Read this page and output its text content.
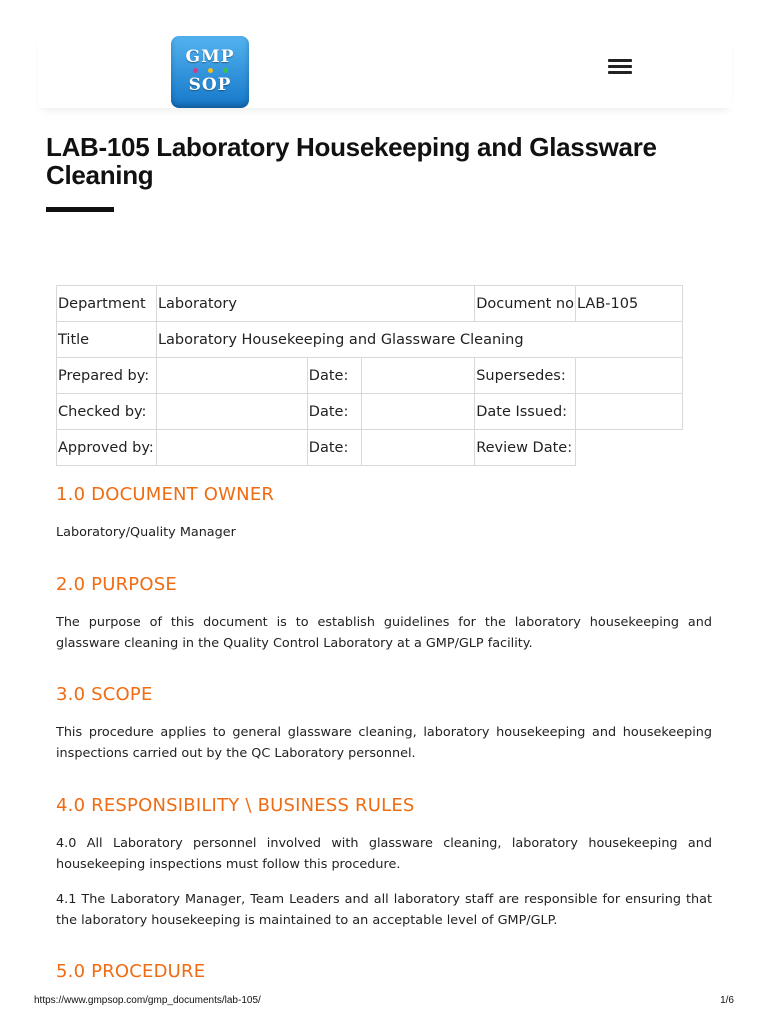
GMP
SOP
LAB-105 Laboratory Housekeeping and Glassware Cleaning
Department	Laboratory			Document no	LAB-105
Title	Laboratory Housekeeping and Glassware Cleaning				
Prepared by:		Date:		Supersedes:	
Checked by:		Date:		Date Issued:	
Approved by:		Date:		Review Date:	
1.0 DOCUMENT OWNER

Laboratory/Quality Manager

2.0 PURPOSE

The purpose of this document is to establish guidelines for the laboratory housekeeping and glassware cleaning in the Quality Control Laboratory at a GMP/GLP facility.

3.0 SCOPE

This procedure applies to general glassware cleaning, laboratory housekeeping and housekeeping inspections carried out by the QC Laboratory personnel.

4.0 RESPONSIBILITY \ BUSINESS RULES

4.0 All Laboratory personnel involved with glassware cleaning, laboratory housekeeping and housekeeping inspections must follow this procedure.

4.1 The Laboratory Manager, Team Leaders and all laboratory staff are responsible for ensuring that the laboratory housekeeping is maintained to an acceptable level of GMP/GLP.

5.0 PROCEDURE
https://www.gmpsop.com/gmp_documents/lab-105/	1/6
